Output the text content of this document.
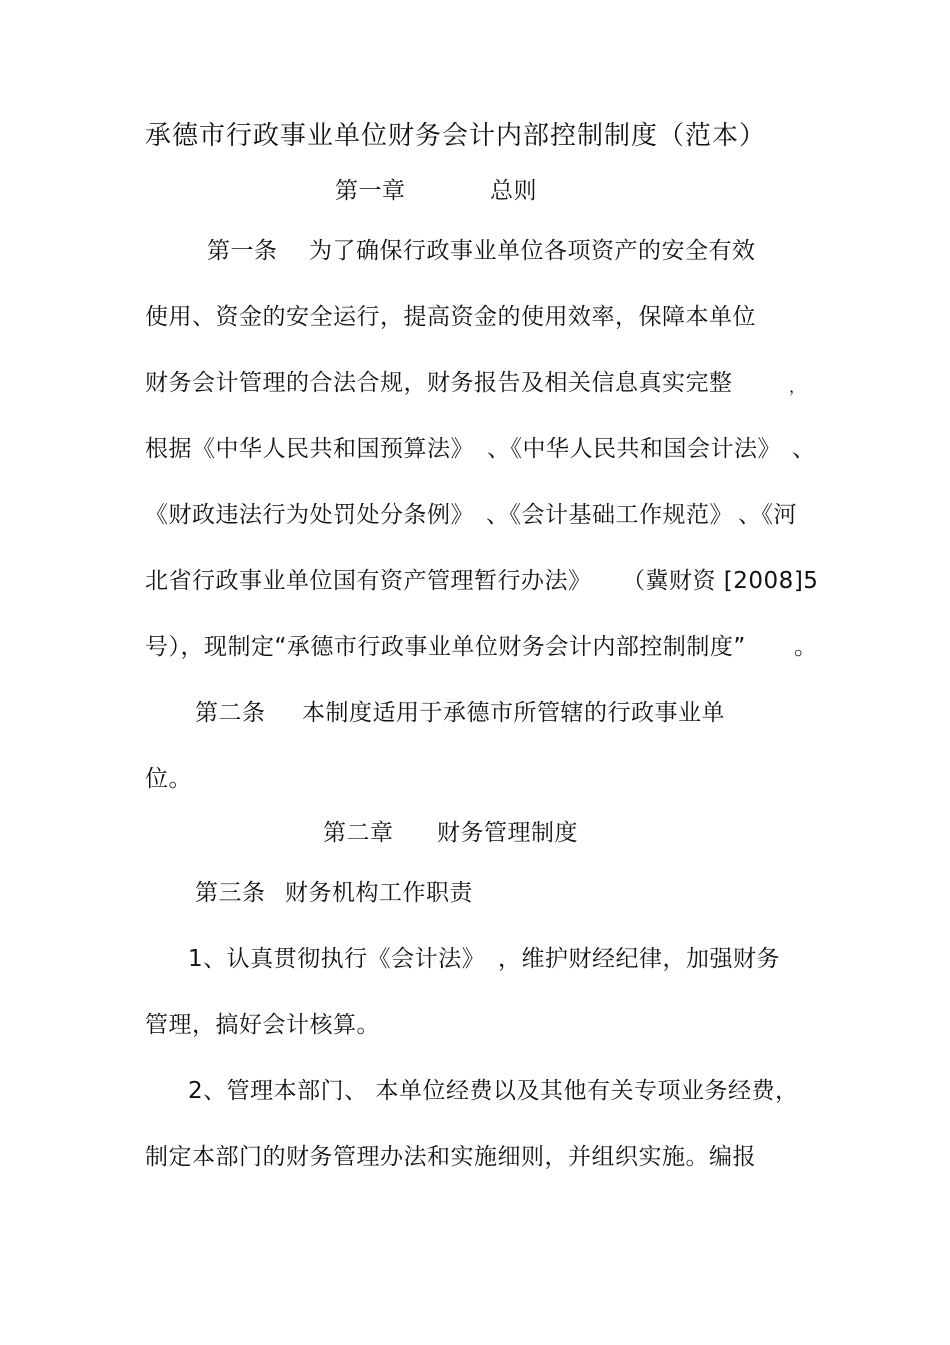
承德市行政事业单位财务会计内部控制制度（范本）
第一章	总则
第一条 为了确保行政事业单位各项资产的安全有效
使用、资金的安全运行，提高资金的使用效率，保障本单位
财务会计管理的合法合规，财务报告及相关信息真实完整	，
根据《中华人民共和国预算法》 、《中华人民共和国会计法》 、
《财政违法行为处罚处分条例》 、《会计基础工作规范》 、《河
北省行政事业单位国有资产管理暂行办法》 （冀财资 [2008]5
号），现制定“承德市行政事业单位财务会计内部控制制度” 。
第二条 本制度适用于承德市所管辖的行政事业单
位。
第二章 财务管理制度
第三条 财务机构工作职责
1、认真贯彻执行《会计法》 ，维护财经纪律，加强财务
管理，搞好会计核算。
2、管理本部门、 本单位经费以及其他有关专项业务经费，
制定本部门的财务管理办法和实施细则，并组织实施。编报
